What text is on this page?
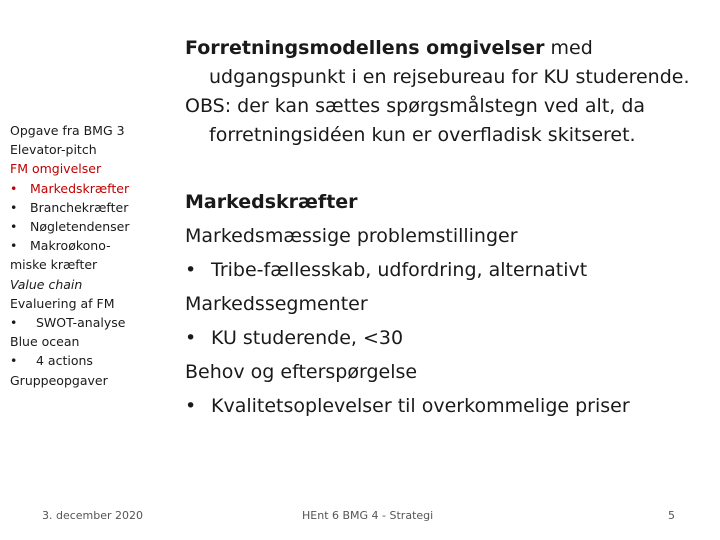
Opgave fra BMG 3
Elevator-pitch
FM omgivelser
• Markedskræfter
• Branchekræfter
• Nøgletendenser
• Makroøkono-
miske kræfter
Value chain
Evaluering af FM
• SWOT-analyse
Blue ocean
• 4 actions
Gruppeopgaver
Forretningsmodellens omgivelser med udgangspunkt i en rejsebureau for KU studerende.
OBS: der kan sættes spørgsmålstegn ved alt, da forretningsidéen kun er overfladisk skitseret.
Markedskræfter
Markedsmæssige problemstillinger
• Tribe-fællesskab, udfordring, alternativt
Markedssegmenter
• KU studerende, <30
Behov og efterspørgelse
• Kvalitetsoplevelser til overkommelige priser
3. december 2020	HEnt 6 BMG 4 - Strategi	5
